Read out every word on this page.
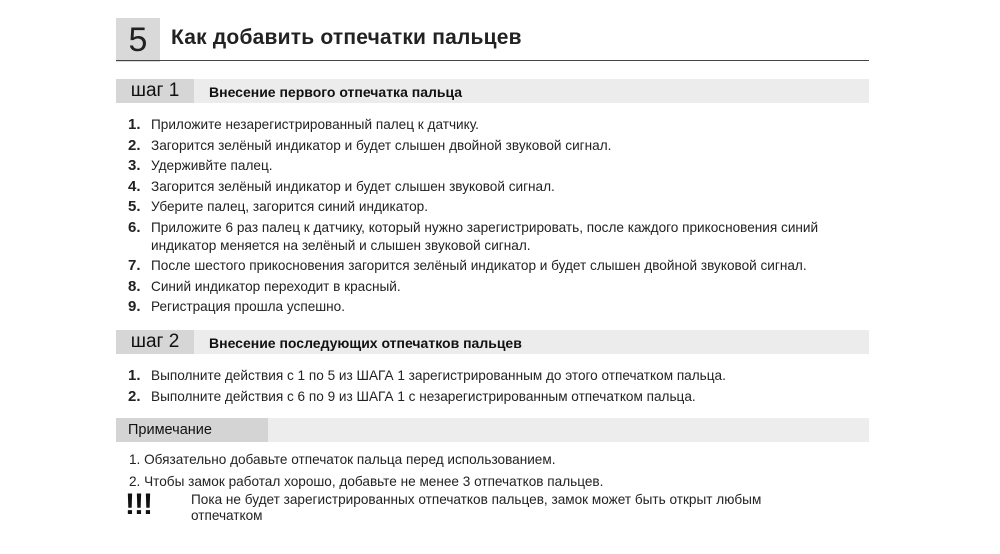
5	Как добавить отпечатки пальцев
шаг 1	Внесение первого отпечатка пальца
1. Приложите незарегистрированный палец к датчику.
2. Загорится зелёный индикатор и будет слышен двойной звуковой сигнал.
3. Удерживйте палец.
4. Загорится зелёный индикатор и будет слышен звуковой сигнал.
5. Уберите палец, загорится синий индикатор.
6. Приложите 6 раз палец к датчику, который нужно зарегистрировать, после каждого прикосновения синий индикатор меняется на зелёный и слышен звуковой сигнал.
7. После шестого прикосновения загорится зелёный индикатор и будет слышен двойной звуковой сигнал.
8. Синий индикатор переходит в красный.
9. Регистрация прошла успешно.
шаг 2	Внесение последующих отпечатков пальцев
1. Выполните действия с 1 по 5 из ШАГА 1 зарегистрированным до этого отпечатком пальца.
2. Выполните действия с 6 по 9 из ШАГА 1 с незарегистрированным отпечатком пальца.
Примечание
1. Обязательно добавьте отпечаток пальца перед использованием.
2. Чтобы замок работал хорошо, добавьте не менее 3 отпечатков пальцев.
!!!	Пока не будет зарегистрированных отпечатков пальцев, замок может быть открыт любым отпечатком
